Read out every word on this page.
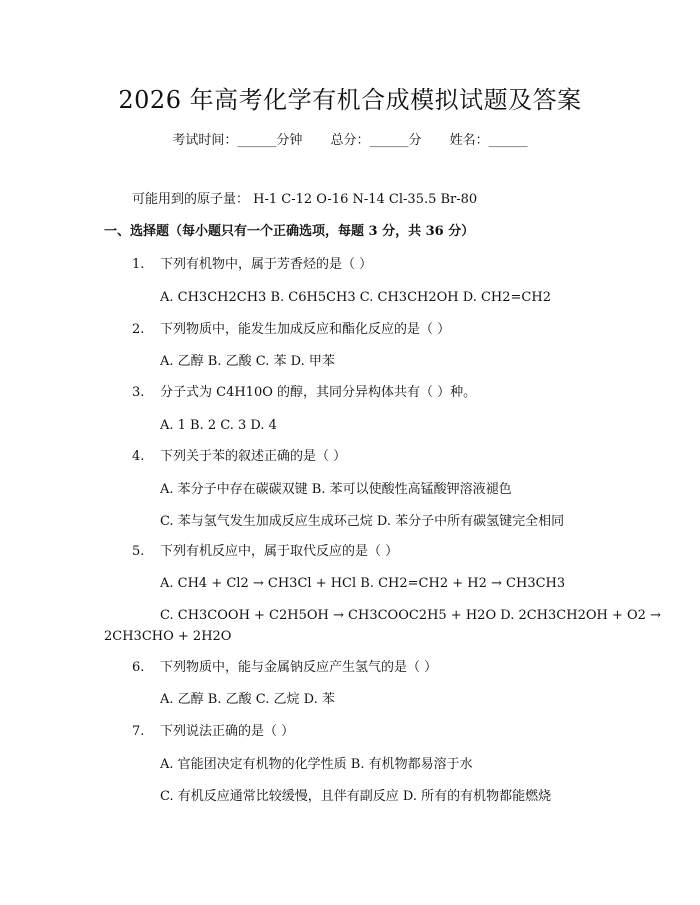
2026 年高考化学有机合成模拟试题及答案
考试时间：______分钟 总分：______分 姓名：______
可能用到的原子量： H-1 C-12 O-16 N-14 Cl-35.5 Br-80
一、选择题（每小题只有一个正确选项，每题 3 分，共 36 分）
1. 下列有机物中，属于芳香烃的是（ ）
A. CH3CH2CH3 B. C6H5CH3 C. CH3CH2OH D. CH2=CH2
2. 下列物质中，能发生加成反应和酯化反应的是（ ）
A. 乙醇 B. 乙酸 C. 苯 D. 甲苯
3. 分子式为 C4H10O 的醇，其同分异构体共有（ ）种。
A. 1 B. 2 C. 3 D. 4
4. 下列关于苯的叙述正确的是（ ）
A. 苯分子中存在碳碳双键 B. 苯可以使酸性高锰酸钾溶液褪色
C. 苯与氢气发生加成反应生成环己烷 D. 苯分子中所有碳氢键完全相同
5. 下列有机反应中，属于取代反应的是（ ）
A. CH4 + Cl2 → CH3Cl + HCl B. CH2=CH2 + H2 → CH3CH3
C. CH3COOH + C2H5OH → CH3COOC2H5 + H2O D. 2CH3CH2OH + O2 →
2CH3CHO + 2H2O
6. 下列物质中，能与金属钠反应产生氢气的是（ ）
A. 乙醇 B. 乙酸 C. 乙烷 D. 苯
7. 下列说法正确的是（ ）
A. 官能团决定有机物的化学性质 B. 有机物都易溶于水
C. 有机反应通常比较缓慢，且伴有副反应 D. 所有的有机物都能燃烧
